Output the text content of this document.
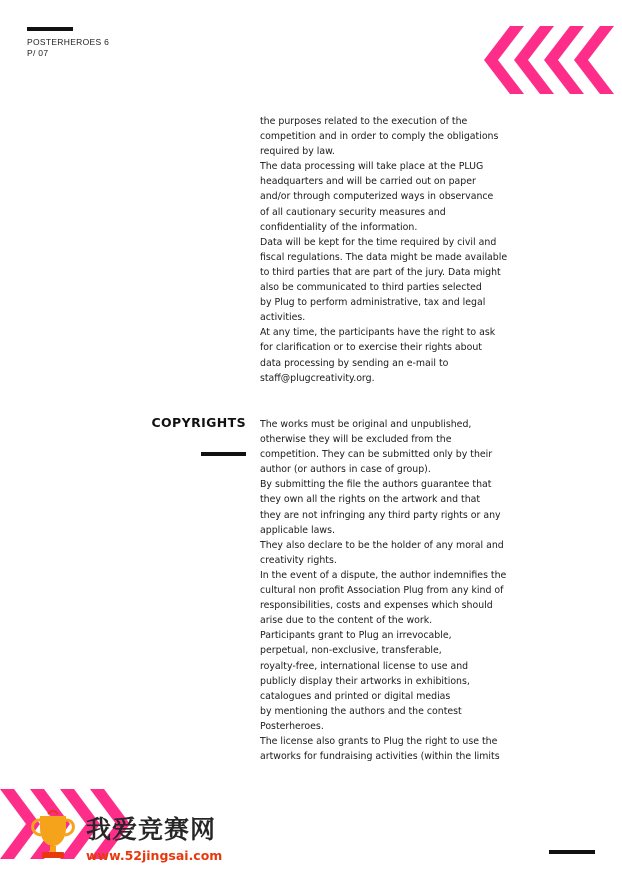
POSTERHEROES 6
P/ 07

the purposes related to the execution of the
competition and in order to comply the obligations
required by law.

The data processing will take place at the PLUG
headquarters and will be carried out on paper
and/or through computerized ways in observance
of all cautionary security measures and
confidentiality of the information.

Data will be kept for the time required by civil and
fiscal regulations. The data might be made available
to third parties that are part of the jury. Data might
also be communicated to third parties selected
by Plug to perform administrative, tax and legal
activities.

At any time, the participants have the right to ask
for clarification or to exercise their rights about
data processing by sending an e-mail to
staff@plugcreativity.org.

COPYRIGHTS The works must be original and unpublished,
otherwise they will be excluded from the
competition. They can be submitted only by their
author (or authors in case of group).

By submitting the file the authors guarantee that
they own all the rights on the artwork and that
they are not infringing any third party rights or any
applicable laws.

They also declare to be the holder of any moral and
creativity rights.

In the event of a dispute, the author indemnifies the
cultural non profit Association Plug from any kind of
responsibilities, costs and expenses which should
arise due to the content of the work.

Participants grant to Plug an irrevocable,
perpetual, non-exclusive, transferable,
royalty-free, international license to use and
publicly display their artworks in exhibitions,
catalogues and printed or digital medias
by mentioning the authors and the contest
Posterheroes.

The license also grants to Plug the right to use the
artworks for fundraising activities (within the limits

我爱竞赛网
www.52jingsai.com
